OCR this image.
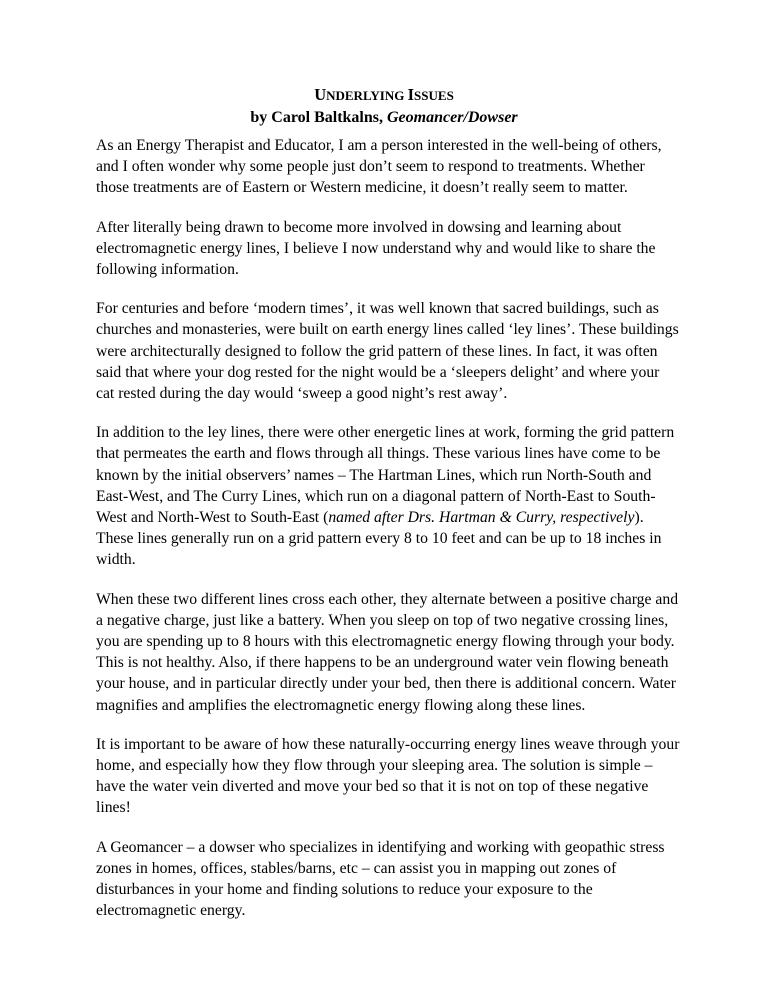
UNDERLYING ISSUES

by Carol Baltkalns, Geomancer/Dowser

As an Energy Therapist and Educator, I am a person interested in the well-being of others, and I often wonder why some people just don’t seem to respond to treatments. Whether those treatments are of Eastern or Western medicine, it doesn’t really seem to matter.

After literally being drawn to become more involved in dowsing and learning about electromagnetic energy lines, I believe I now understand why and would like to share the following information.

For centuries and before ‘modern times’, it was well known that sacred buildings, such as churches and monasteries, were built on earth energy lines called ‘ley lines’. These buildings were architecturally designed to follow the grid pattern of these lines. In fact, it was often said that where your dog rested for the night would be a ‘sleepers delight’ and where your cat rested during the day would ‘sweep a good night’s rest away’.

In addition to the ley lines, there were other energetic lines at work, forming the grid pattern that permeates the earth and flows through all things. These various lines have come to be known by the initial observers’ names – The Hartman Lines, which run North-South and East-West, and The Curry Lines, which run on a diagonal pattern of North-East to South-West and North-West to South-East (named after Drs. Hartman & Curry, respectively). These lines generally run on a grid pattern every 8 to 10 feet and can be up to 18 inches in width.

When these two different lines cross each other, they alternate between a positive charge and a negative charge, just like a battery. When you sleep on top of two negative crossing lines, you are spending up to 8 hours with this electromagnetic energy flowing through your body. This is not healthy. Also, if there happens to be an underground water vein flowing beneath your house, and in particular directly under your bed, then there is additional concern. Water magnifies and amplifies the electromagnetic energy flowing along these lines.

It is important to be aware of how these naturally-occurring energy lines weave through your home, and especially how they flow through your sleeping area. The solution is simple – have the water vein diverted and move your bed so that it is not on top of these negative lines!

A Geomancer – a dowser who specializes in identifying and working with geopathic stress zones in homes, offices, stables/barns, etc – can assist you in mapping out zones of disturbances in your home and finding solutions to reduce your exposure to the electromagnetic energy.
